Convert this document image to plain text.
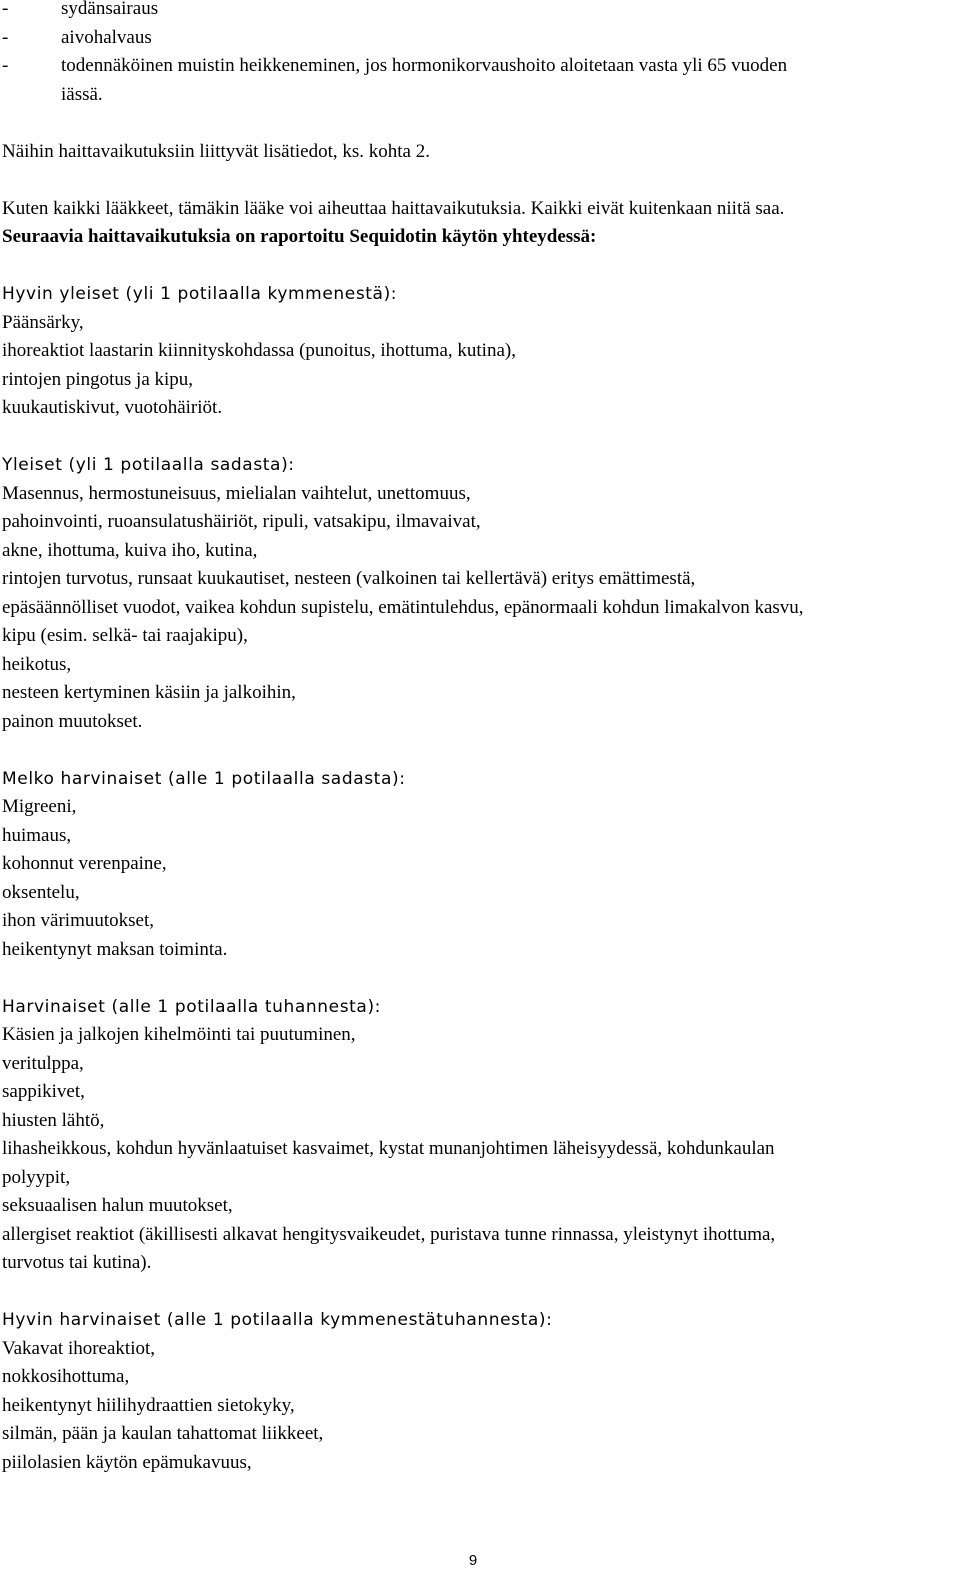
-	sydänsairaus
-	aivohalvaus
-	todennäköinen muistin heikkeneminen, jos hormonikorvaushoito aloitetaan vasta yli 65 vuoden
iässä.
Näihin haittavaikutuksiin liittyvät lisätiedot, ks. kohta 2.
Kuten kaikki lääkkeet, tämäkin lääke voi aiheuttaa haittavaikutuksia. Kaikki eivät kuitenkaan niitä saa.
Seuraavia haittavaikutuksia on raportoitu Sequidotin käytön yhteydessä:
Hyvin yleiset (yli 1 potilaalla kymmenestä):
Päänsärky,
ihoreaktiot laastarin kiinnityskohdassa (punoitus, ihottuma, kutina),
rintojen pingotus ja kipu,
kuukautiskivut, vuotohäiriöt.
Yleiset (yli 1 potilaalla sadasta):
Masennus, hermostuneisuus, mielialan vaihtelut, unettomuus,
pahoinvointi, ruoansulatushäiriöt, ripuli, vatsakipu, ilmavaivat,
akne, ihottuma, kuiva iho, kutina,
rintojen turvotus, runsaat kuukautiset, nesteen (valkoinen tai kellertävä) eritys emättimestä,
epäsäännölliset vuodot, vaikea kohdun supistelu, emätintulehdus, epänormaali kohdun limakalvon kasvu,
kipu (esim. selkä- tai raajakipu),
heikotus,
nesteen kertyminen käsiin ja jalkoihin,
painon muutokset.
Melko harvinaiset (alle 1 potilaalla sadasta):
Migreeni,
huimaus,
kohonnut verenpaine,
oksentelu,
ihon värimuutokset,
heikentynyt maksan toiminta.
Harvinaiset (alle 1 potilaalla tuhannesta):
Käsien ja jalkojen kihelmöinti tai puutuminen,
veritulppa,
sappikivet,
hiusten lähtö,
lihasheikkous, kohdun hyvänlaatuiset kasvaimet, kystat munanjohtimen läheisyydessä, kohdunkaulan
polyypit,
seksuaalisen halun muutokset,
allergiset reaktiot (äkillisesti alkavat hengitysvaikeudet, puristava tunne rinnassa, yleistynyt ihottuma,
turvotus tai kutina).
Hyvin harvinaiset (alle 1 potilaalla kymmenestätuhannesta):
Vakavat ihoreaktiot,
nokkosihottuma,
heikentynyt hiilihydraattien sietokyky,
silmän, pään ja kaulan tahattomat liikkeet,
piilolasien käytön epämukavuus,
9
